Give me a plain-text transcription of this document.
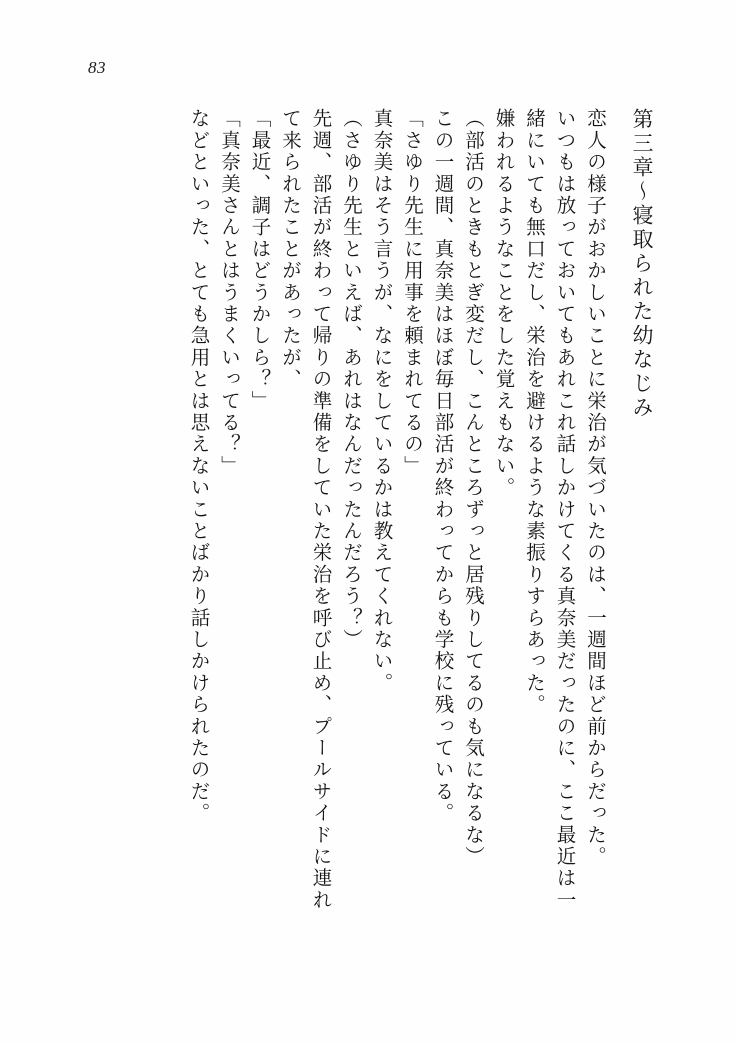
83
第三章～寝取られた幼なじみ
恋人の様子がおかしいことに栄治が気づいたのは、一週間ほど前からだった。
いつもは放っておいてもあれこれ話しかけてくる真奈美だったのに、ここ最近は一
緒にいても無口だし、栄治を避けるような素振りすらあった。
嫌われるようなことをした覚えもない。
（部活のときもとぎ変だし、こんところずっと居残りしてるのも気になるな）
この一週間、真奈美はほぼ毎日部活が終わってからも学校に残っている。
「さゆり先生に用事を頼まれてるの」
真奈美はそう言うが、なにをしているかは教えてくれない。
（さゆり先生といえば、あれはなんだったんだろう？）
先週、部活が終わって帰りの準備をしていた栄治を呼び止め、プールサイドに連れ
て来られたことがあったが、
「最近、調子はどうかしら？」
「真奈美さんとはうまくいってる？」
などといった、とても急用とは思えないことばかり話しかけられたのだ。
